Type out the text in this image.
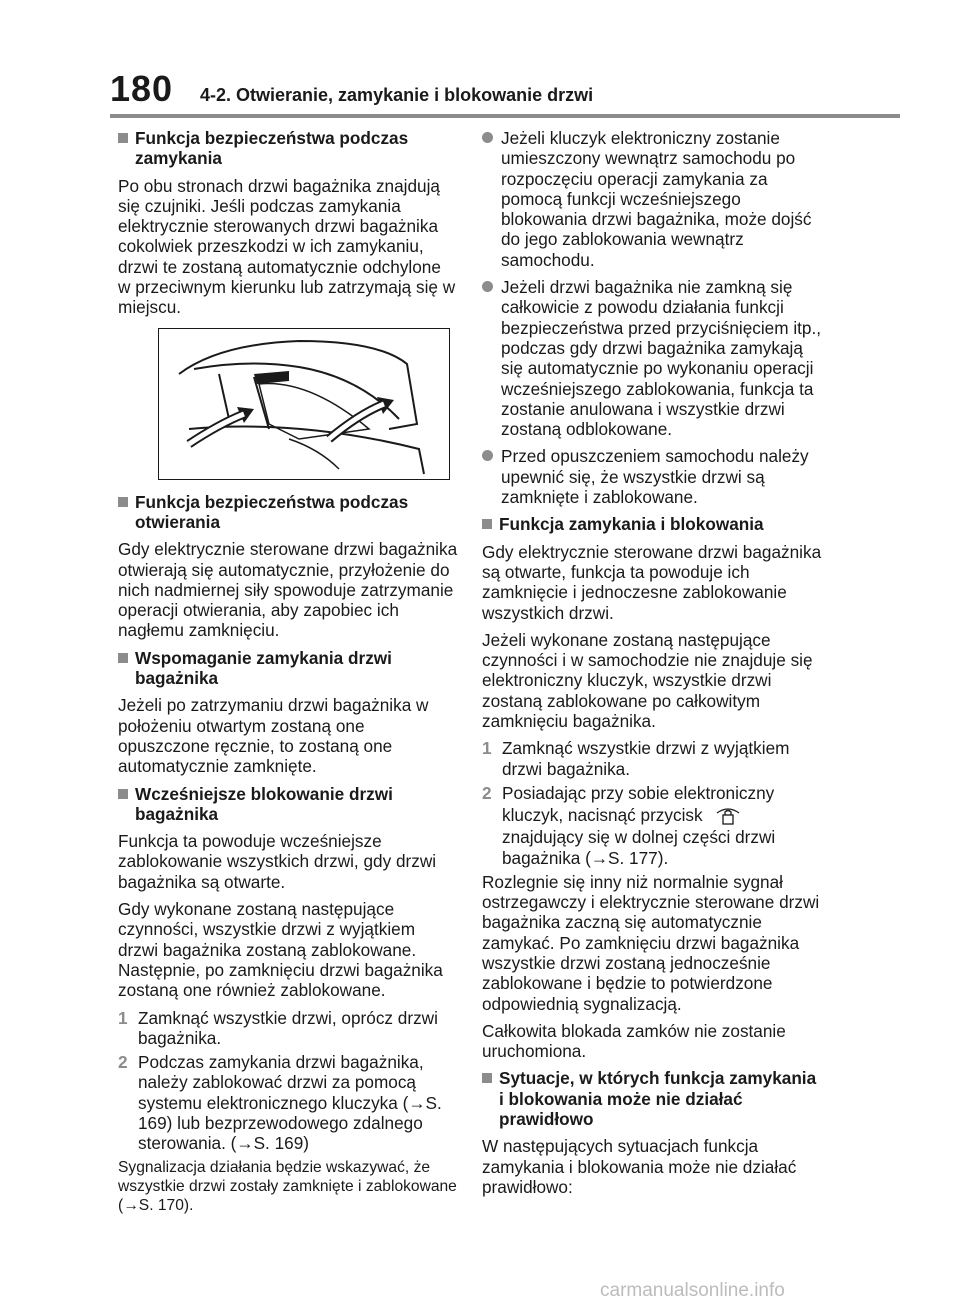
180 4-2. Otwieranie, zamykanie i blokowanie drzwi
Funkcja bezpieczeństwa podczas zamykania

Po obu stronach drzwi bagażnika znajdują się czujniki. Jeśli podczas zamykania elektrycznie sterowanych drzwi bagażnika cokolwiek przeszkodzi w ich zamykaniu, drzwi te zostaną automatycznie odchylone w przeciwnym kierunku lub zatrzymają się w miejscu.

Funkcja bezpieczeństwa podczas otwierania

Gdy elektrycznie sterowane drzwi bagażnika otwierają się automatycznie, przyłożenie do nich nadmiernej siły spowoduje zatrzymanie operacji otwierania, aby zapobiec ich nagłemu zamknięciu.

Wspomaganie zamykania drzwi bagażnika

Jeżeli po zatrzymaniu drzwi bagażnika w położeniu otwartym zostaną one opuszczone ręcznie, to zostaną one automatycznie zamknięte.

Wcześniejsze blokowanie drzwi bagażnika

Funkcja ta powoduje wcześniejsze zablokowanie wszystkich drzwi, gdy drzwi bagażnika są otwarte.

Gdy wykonane zostaną następujące czynności, wszystkie drzwi z wyjątkiem drzwi bagażnika zostaną zablokowane. Następnie, po zamknięciu drzwi bagażnika zostaną one również zablokowane.

1 Zamknąć wszystkie drzwi, oprócz drzwi bagażnika.
2 Podczas zamykania drzwi bagażnika, należy zablokować drzwi za pomocą systemu elektronicznego kluczyka (→S. 169) lub bezprzewodowego zdalnego sterowania. (→S. 169)

Sygnalizacja działania będzie wskazywać, że wszystkie drzwi zostały zamknięte i zablokowane (→S. 170).

Jeżeli kluczyk elektroniczny zostanie umieszczony wewnątrz samochodu po rozpoczęciu operacji zamykania za pomocą funkcji wcześniejszego blokowania drzwi bagażnika, może dojść do jego zablokowania wewnątrz samochodu.
Jeżeli drzwi bagażnika nie zamkną się całkowicie z powodu działania funkcji bezpieczeństwa przed przyciśnięciem itp., podczas gdy drzwi bagażnika zamykają się automatycznie po wykonaniu operacji wcześniejszego zablokowania, funkcja ta zostanie anulowana i wszystkie drzwi zostaną odblokowane.
Przed opuszczeniem samochodu należy upewnić się, że wszystkie drzwi są zamknięte i zablokowane.
Funkcja zamykania i blokowania

Gdy elektrycznie sterowane drzwi bagażnika są otwarte, funkcja ta powoduje ich zamknięcie i jednoczesne zablokowanie wszystkich drzwi.

Jeżeli wykonane zostaną następujące czynności i w samochodzie nie znajduje się elektroniczny kluczyk, wszystkie drzwi zostaną zablokowane po całkowitym zamknięciu bagażnika.

1 Zamknąć wszystkie drzwi z wyjątkiem drzwi bagażnika.
2 Posiadając przy sobie elektroniczny kluczyk, nacisnąć przycisk  znajdujący się w dolnej części drzwi bagażnika (→S. 177).

Rozlegnie się inny niż normalnie sygnał ostrzegawczy i elektrycznie sterowane drzwi bagażnika zaczną się automatycznie zamykać. Po zamknięciu drzwi bagażnika wszystkie drzwi zostaną jednocześnie zablokowane i będzie to potwierdzone odpowiednią sygnalizacją.

Całkowita blokada zamków nie zostanie uruchomiona.

Sytuacje, w których funkcja zamykania i blokowania może nie działać prawidłowo

W następujących sytuacjach funkcja zamykania i blokowania może nie działać prawidłowo:

carmanualsonline.info
